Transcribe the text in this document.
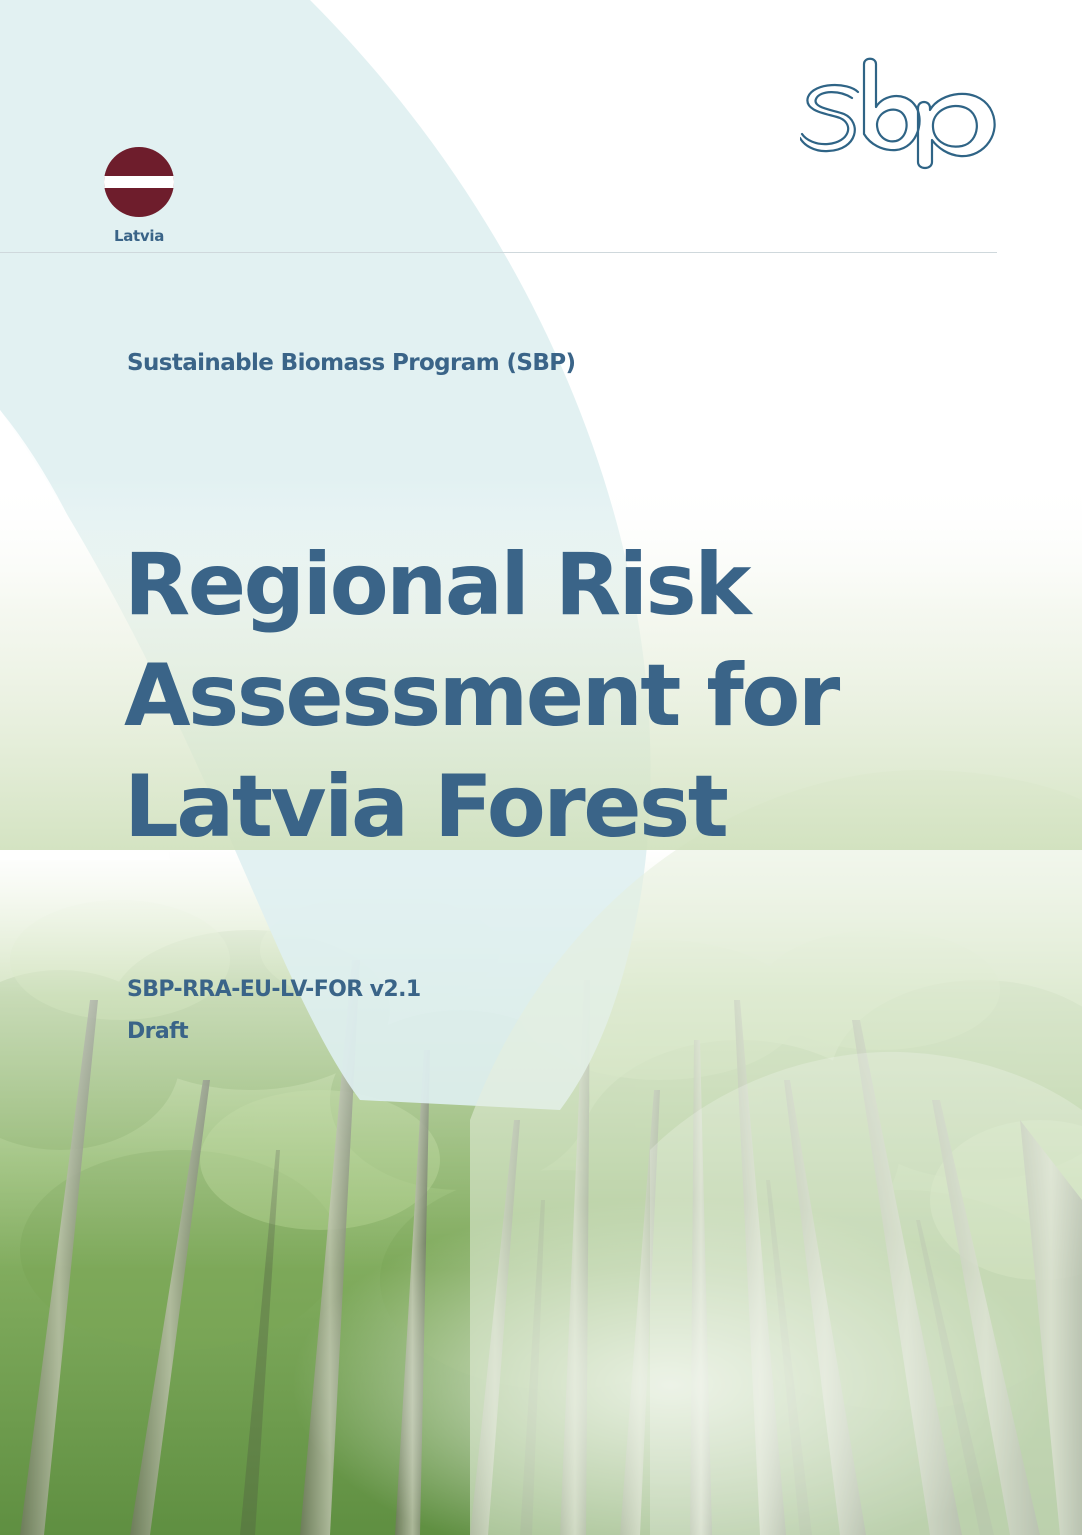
Latvia
Sustainable Biomass Program (SBP)
Regional Risk
Assessment for
Latvia Forest
SBP-RRA-EU-LV-FOR v2.1
Draft
